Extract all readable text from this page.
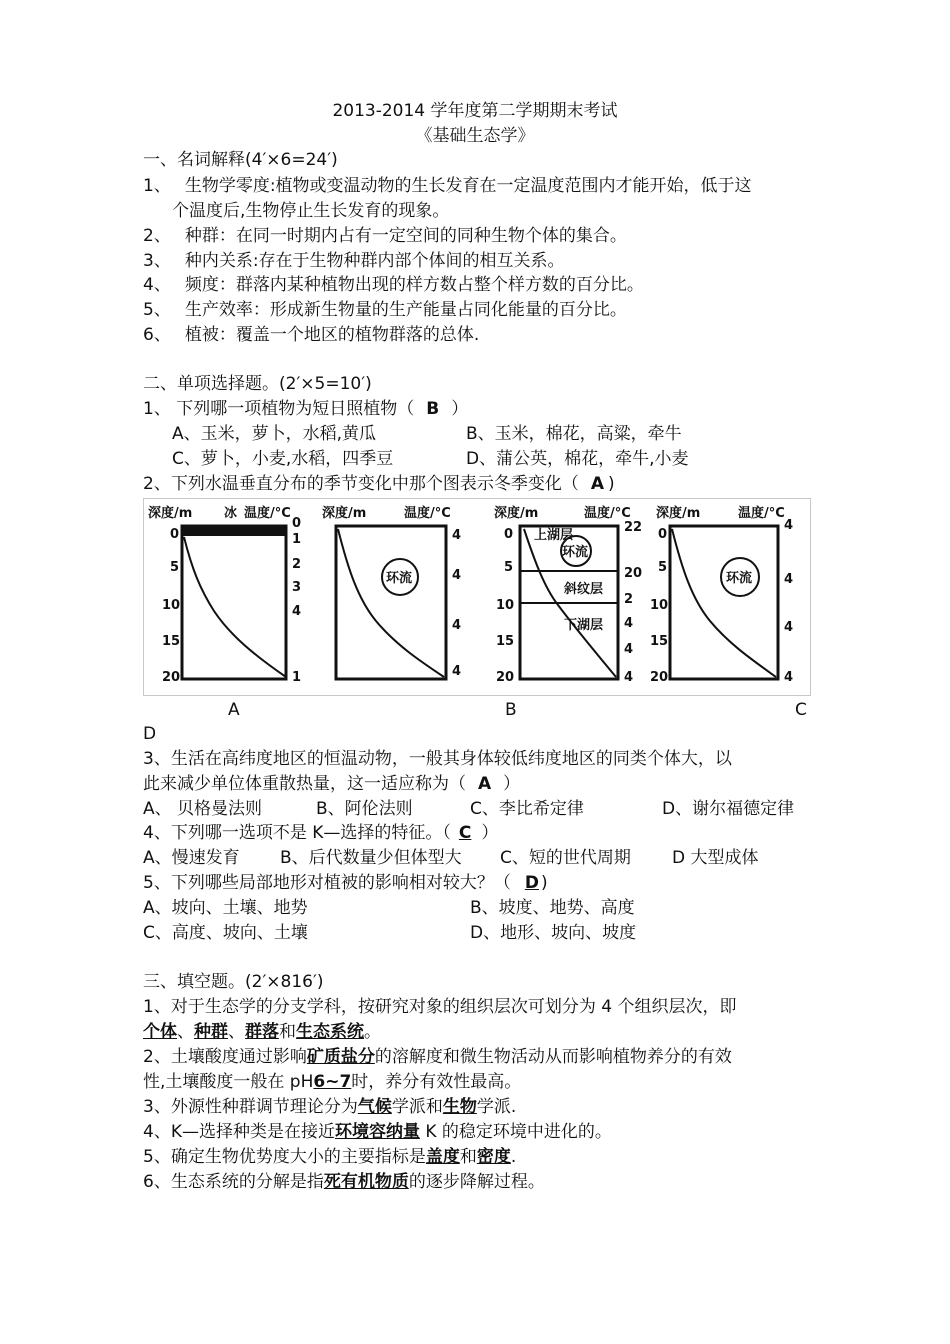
2013-2014 学年度第二学期期末考试
《基础生态学》
一、名词解释(4′×6=24′)
1、 生物学零度:植物或变温动物的生长发育在一定温度范围内才能开始，低于这
个温度后,生物停止生长发育的现象。
2、 种群：在同一时期内占有一定空间的同种生物个体的集合。
3、 种内关系:存在于生物种群内部个体间的相互关系。
4、 频度：群落内某种植物出现的样方数占整个样方数的百分比。
5、 生产效率：形成新生物量的生产能量占同化能量的百分比。
6、 植被：覆盖一个地区的植物群落的总体.
二、单项选择题。(2′×5=10′)
1、 下列哪一项植物为短日照植物（ B ）
A、玉米，萝卜，水稻,黄瓜	B、玉米，棉花，高粱，牵牛
C、萝卜，小麦,水稻，四季豆	D、蒲公英，棉花，牵牛,小麦
2、下列水温垂直分布的季节变化中那个图表示冬季变化（ A )
深度/m 冰 温度/°C
0
5
10
15
20
0
1
2
3
4
1
深度/m	温度/°C
环流
4
4
4
4
深度/m	温度/°C
上湖层
环流
斜纹层
下湖层
0
5
10
15
20
22
20
2
4
4
4
深度/m	温度/°C
环流
0
5
10
15
20
4
4
4
4
A	B	C
D
3、生活在高纬度地区的恒温动物，一般其身体较低纬度地区的同类个体大，以
此来减少单位体重散热量，这一适应称为（ A ）
A、 贝格曼法则	B、阿伦法则	C、李比希定律	D、谢尔福德定律
4、下列哪一选项不是 K—选择的特征。（ C ）
A、慢速发育 B、后代数量少但体型大 C、短的世代周期 D 大型成体
5、下列哪些局部地形对植被的影响相对较大？（ D )
A、坡向、土壤、地势	B、坡度、地势、高度
C、高度、坡向、土壤	D、地形、坡向、坡度
三、填空题。(2′×816′)
1、对于生态学的分支学科，按研究对象的组织层次可划分为 4 个组织层次，即
个体、种群、群落和生态系统。
2、土壤酸度通过影响矿质盐分的溶解度和微生物活动从而影响植物养分的有效
性,土壤酸度一般在 pH6~7时，养分有效性最高。
3、外源性种群调节理论分为气候学派和生物学派.
4、K—选择种类是在接近环境容纳量 K 的稳定环境中进化的。
5、确定生物优势度大小的主要指标是盖度和密度.
6、生态系统的分解是指死有机物质的逐步降解过程。
